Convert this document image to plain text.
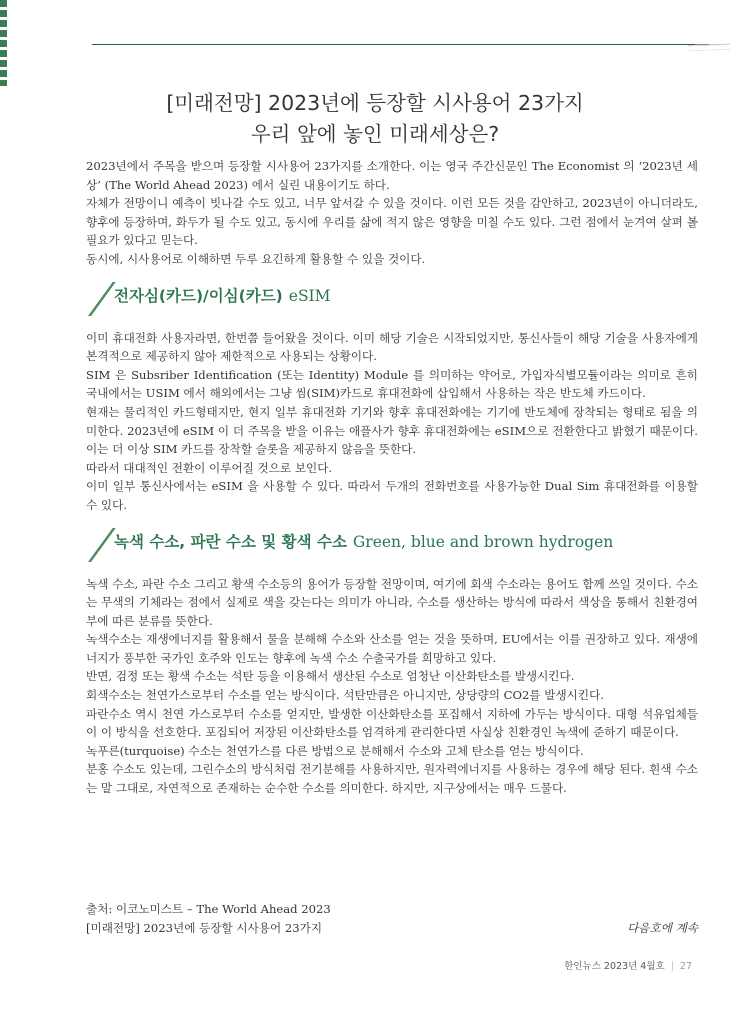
[미래전망] 2023년에 등장할 시사용어 23가지
우리 앞에 놓인 미래세상은?

2023년에서 주목을 받으며 등장할 시사용어 23가지를 소개한다. 이는 영국 주간신문인 The Economist 의 ‘2023년 세상’ (The World Ahead 2023) 에서 실린 내용이기도 하다.

자체가 전망이니 예측이 빗나갈 수도 있고, 너무 앞서갈 수 있을 것이다. 이런 모든 것을 감안하고, 2023년이 아니더라도, 향후에 등장하며, 화두가 될 수도 있고, 동시에 우리를 삶에 적지 않은 영향을 미칠 수도 있다. 그런 점에서 눈겨여 살펴 볼 필요가 있다고 믿는다.

동시에, 시사용어로 이해하면 두루 요긴하게 활용할 수 있을 것이다.

전자심(카드)/이심(카드) eSIM

이미 휴대전화 사용자라면, 한번쯤 들어왔을 것이다. 이미 해당 기술은 시작되었지만, 통신사들이 해당 기술을 사용자에게 본격적으로 제공하지 않아 제한적으로 사용되는 상황이다.

SIM 은 Subsriber Identification (또는 Identity) Module 를 의미하는 약어로, 가입자식별모듈이라는 의미로 흔히 국내에서는 USIM 에서 해외에서는 그냥 씸(SIM)카드로 휴대전화에 삽입해서 사용하는 작은 반도체 카드이다.

현재는 물리적인 카드형태지만, 현지 일부 휴대전화 기기와 향후 휴대전화에는 기기에 반도체에 장착되는 형태로 됨을 의미한다. 2023년에 eSIM 이 더 주목을 받을 이유는 애플사가 향후 휴대전화에는 eSIM으로 전환한다고 밝혔기 때문이다. 이는 더 이상 SIM 카드를 장착할 슬롯을 제공하지 않음을 뜻한다.

따라서 대대적인 전환이 이루어질 것으로 보인다.

이미 일부 통신사에서는 eSIM 을 사용할 수 있다. 따라서 두개의 전화번호를 사용가능한 Dual Sim 휴대전화를 이용할 수 있다.

녹색 수소, 파란 수소 및 황색 수소 Green, blue and brown hydrogen

녹색 수소, 파란 수소 그리고 황색 수소등의 용어가 등장할 전망이며, 여기에 회색 수소라는 용어도 함께 쓰일 것이다. 수소는 무색의 기체라는 점에서 실제로 색을 갖는다는 의미가 아니라, 수소를 생산하는 방식에 따라서 색상을 통해서 친환경여부에 따른 분류를 뜻한다.

녹색수소는 재생에너지를 활용해서 물을 분해해 수소와 산소를 얻는 것을 뜻하며, EU에서는 이를 권장하고 있다. 재생에너지가 풍부한 국가인 호주와 인도는 향후에 녹색 수소 수출국가를 희망하고 있다.

반면, 검정 또는 황색 수소는 석탄 등을 이용해서 생산된 수소로 엄청난 이산화탄소를 발생시킨다.

회색수소는 천연가스로부터 수소를 얻는 방식이다. 석탄만큼은 아니지만, 상당량의 CO2를 발생시킨다.

파란수소 역시 천연 가스로부터 수소를 얻지만, 발생한 이산화탄소를 포집해서 지하에 가두는 방식이다. 대형 석유업체들이 이 방식을 선호한다. 포집되어 저장된 이산화탄소를 엄격하게 관리한다면 사실상 친환경인 녹색에 준하기 때문이다.

녹푸른(turquoise) 수소는 천연가스를 다른 방법으로 분해해서 수소와 고체 탄소를 얻는 방식이다.

분홍 수소도 있는데, 그린수소의 방식처럼 전기분해를 사용하지만, 원자력에너지를 사용하는 경우에 해당 된다. 흰색 수소는 말 그대로, 자연적으로 존재하는 순수한 수소를 의미한다. 하지만, 지구상에서는 매우 드물다.

출처: 이코노미스트 – The World Ahead 2023
[미래전망] 2023년에 등장할 시사용어 23가지	다음호에 계속
한인뉴스 2023년 4월호 | 27
